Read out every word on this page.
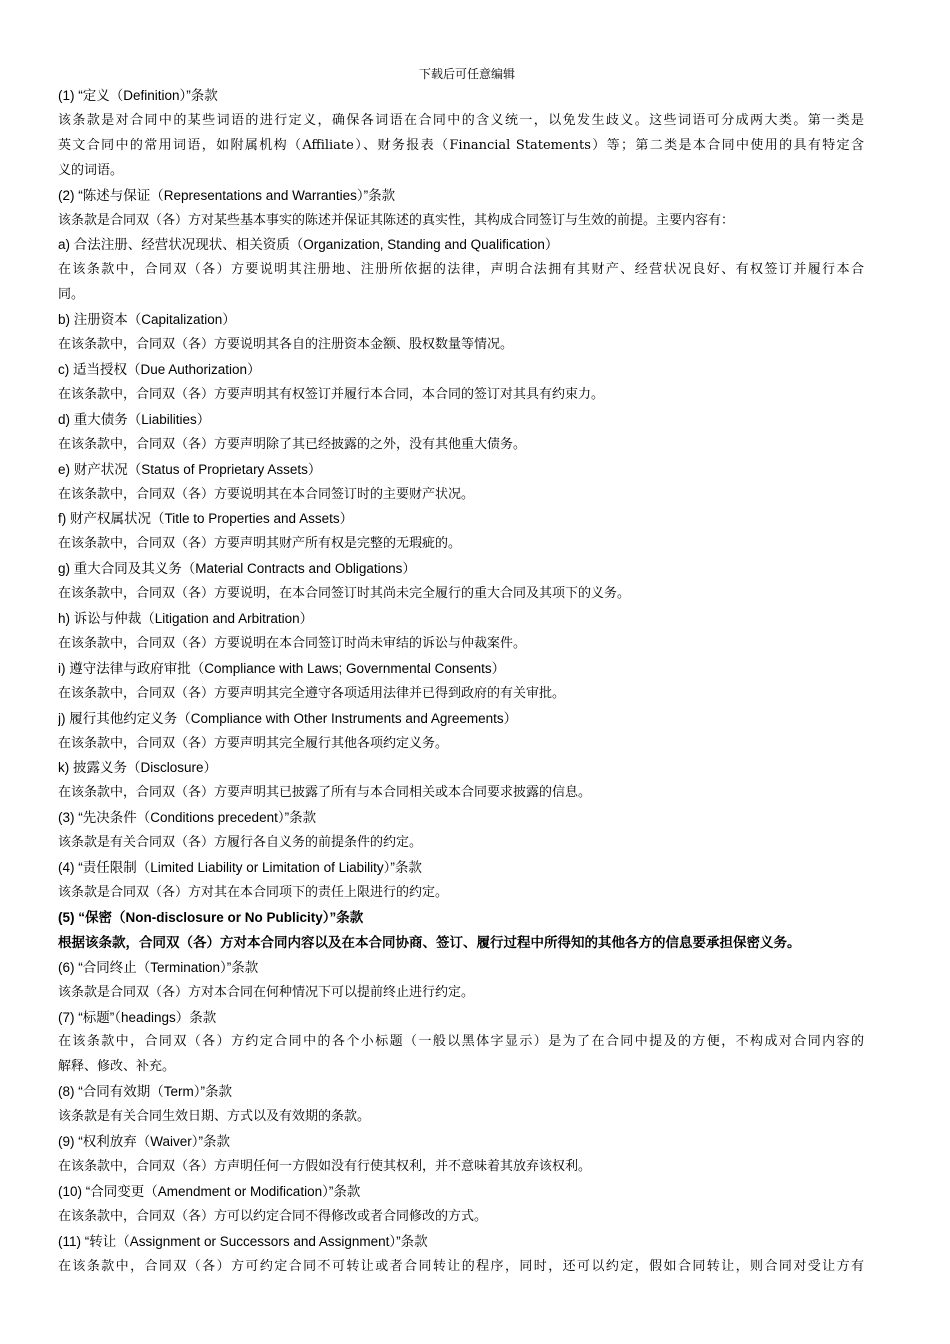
下载后可任意编辑
(1) “定义（Definition）”条款
该条款是对合同中的某些词语的进行定义，确保各词语在合同中的含义统一，以免发生歧义。这些词语可分成两大类。第一类是
英文合同中的常用词语，如附属机构（Affiliate）、财务报表（Financial Statements）等；第二类是本合同中使用的具有特定含
义的词语。
(2) “陈述与保证（Representations and Warranties）”条款
该条款是合同双（各）方对某些基本事实的陈述并保证其陈述的真实性，其构成合同签订与生效的前提。主要内容有：
a) 合法注册、经营状况现状、相关资质（Organization, Standing and Qualification）
在该条款中，合同双（各）方要说明其注册地、注册所依据的法律，声明合法拥有其财产、经营状况良好、有权签订并履行本合
同。
b) 注册资本（Capitalization）
在该条款中，合同双（各）方要说明其各自的注册资本金额、股权数量等情况。
c) 适当授权（Due Authorization）
在该条款中，合同双（各）方要声明其有权签订并履行本合同，本合同的签订对其具有约束力。
d) 重大债务（Liabilities）
在该条款中，合同双（各）方要声明除了其已经披露的之外，没有其他重大债务。
e) 财产状况（Status of Proprietary Assets）
在该条款中，合同双（各）方要说明其在本合同签订时的主要财产状况。
f) 财产权属状况（Title to Properties and Assets）
在该条款中，合同双（各）方要声明其财产所有权是完整的无瑕疵的。
g) 重大合同及其义务（Material Contracts and Obligations）
在该条款中，合同双（各）方要说明，在本合同签订时其尚未完全履行的重大合同及其项下的义务。
h) 诉讼与仲裁（Litigation and Arbitration）
在该条款中，合同双（各）方要说明在本合同签订时尚未审结的诉讼与仲裁案件。
i) 遵守法律与政府审批（Compliance with Laws; Governmental Consents）
在该条款中，合同双（各）方要声明其完全遵守各项适用法律并已得到政府的有关审批。
j) 履行其他约定义务（Compliance with Other Instruments and Agreements）
在该条款中，合同双（各）方要声明其完全履行其他各项约定义务。
k) 披露义务（Disclosure）
在该条款中，合同双（各）方要声明其已披露了所有与本合同相关或本合同要求披露的信息。
(3) “先决条件（Conditions precedent）”条款
该条款是有关合同双（各）方履行各自义务的前提条件的约定。
(4) “责任限制（Limited Liability or Limitation of Liability）”条款
该条款是合同双（各）方对其在本合同项下的责任上限进行的约定。
(5) “保密（Non-disclosure or No Publicity）”条款
根据该条款，合同双（各）方对本合同内容以及在本合同协商、签订、履行过程中所得知的其他各方的信息要承担保密义务。
(6) “合同终止（Termination）”条款
该条款是合同双（各）方对本合同在何种情况下可以提前终止进行约定。
(7) “标题”（headings）条款
在该条款中，合同双（各）方约定合同中的各个小标题（一般以黑体字显示）是为了在合同中提及的方便，不构成对合同内容的
解释、修改、补充。
(8) “合同有效期（Term）”条款
该条款是有关合同生效日期、方式以及有效期的条款。
(9) “权利放弃（Waiver）”条款
在该条款中，合同双（各）方声明任何一方假如没有行使其权利，并不意味着其放弃该权利。
(10) “合同变更（Amendment or Modification）”条款
在该条款中，合同双（各）方可以约定合同不得修改或者合同修改的方式。
(11) “转让（Assignment or Successors and Assignment）”条款
在该条款中，合同双（各）方可约定合同不可转让或者合同转让的程序，同时，还可以约定，假如合同转让，则合同对受让方有
